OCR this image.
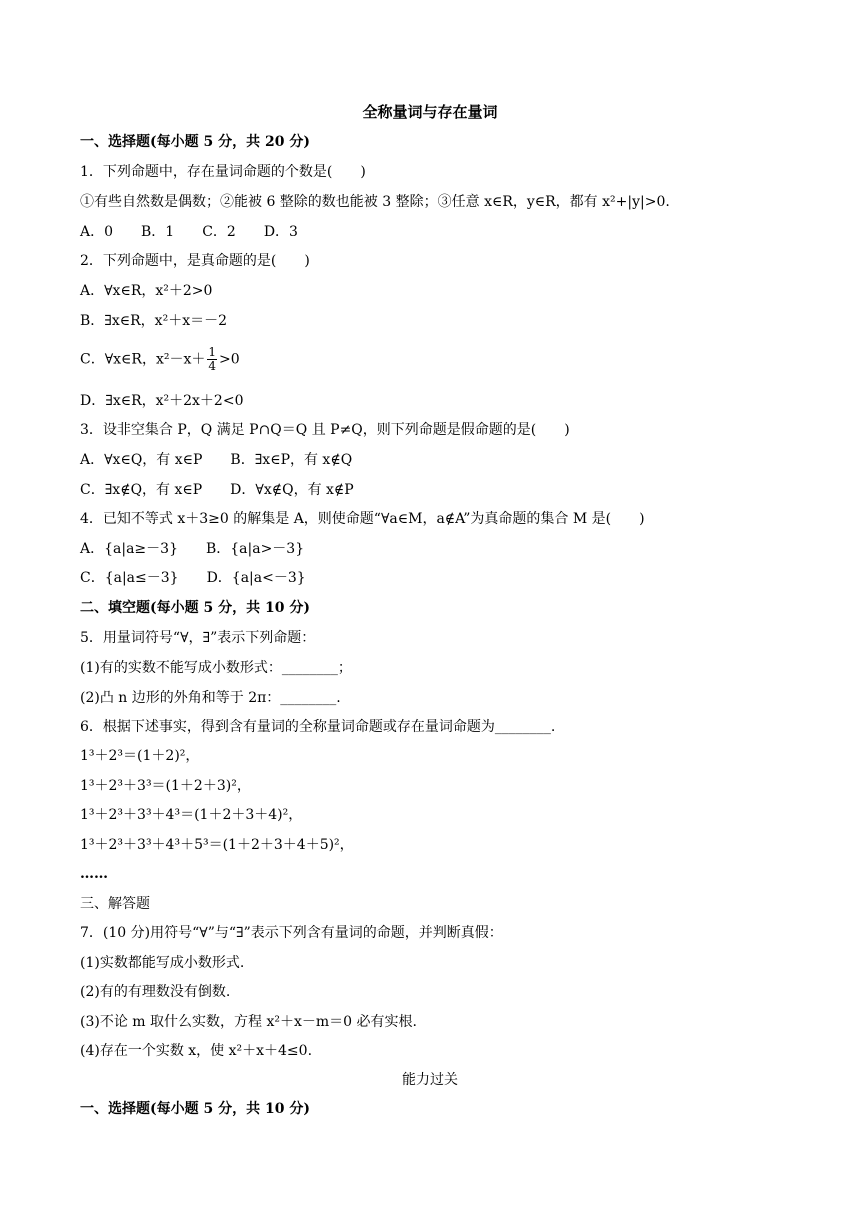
全称量词与存在量词
一、选择题(每小题 5 分，共 20 分)
1．下列命题中，存在量词命题的个数是(　　)
①有些自然数是偶数；②能被 6 整除的数也能被 3 整除；③任意 x∈R，y∈R，都有 x²+|y|>0.
A．0　　B．1　　C．2　　D．3
2．下列命题中，是真命题的是(　　)
A．∀x∈R，x²＋2>0
B．∃x∈R，x²＋x＝－2
C．∀x∈R，$x^2-x+ \frac{1}{4} >0$
D．∃x∈R，x²＋2x＋2<0
3．设非空集合 P，Q 满足 P∩Q＝Q 且 P≠Q，则下列命题是假命题的是(　　)
A．∀x∈Q，有 x∈P　　B．∃x∈P，有 x∉Q
C．∃x∉Q，有 x∈P　　D．∀x∉Q，有 x∉P
4．已知不等式 x＋3≥0 的解集是 A，则使命题“∀a∈M，a∉A”为真命题的集合 M 是(　　)
A．{a|a≥－3}　　B．{a|a>－3}
C．{a|a≤－3}　　D．{a|a<－3}
二、填空题(每小题 5 分，共 10 分)
5．用量词符号“∀，∃”表示下列命题：
(1)有的实数不能写成小数形式：________；
(2)凸 n 边形的外角和等于 2π：________.
6．根据下述事实，得到含有量词的全称量词命题或存在量词命题为________.
1³＋2³＝(1＋2)²，
1³＋2³＋3³＝(1＋2＋3)²，
1³＋2³＋3³＋4³＝(1＋2＋3＋4)²，
1³＋2³＋3³＋4³＋5³＝(1＋2＋3＋4＋5)²，
……
三、解答题
7．(10 分)用符号“∀”与“∃”表示下列含有量词的命题，并判断真假：
(1)实数都能写成小数形式.
(2)有的有理数没有倒数.
(3)不论 m 取什么实数，方程 x²＋x－m＝0 必有实根.
(4)存在一个实数 x，使 x²＋x＋4≤0.
能力过关
一、选择题(每小题 5 分，共 10 分)
